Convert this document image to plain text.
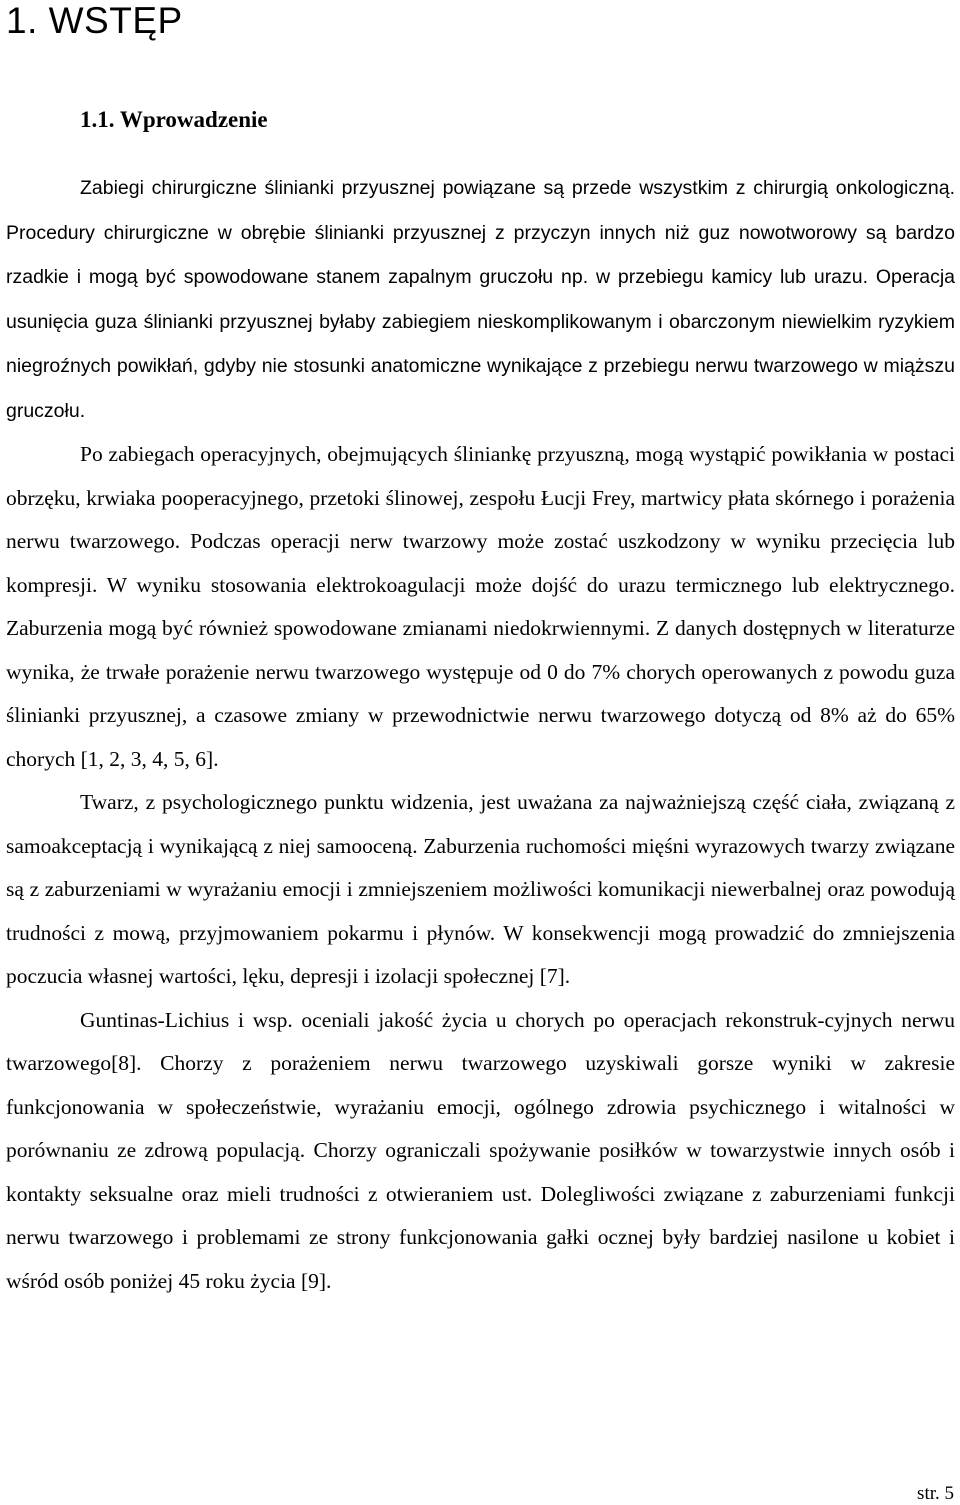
1. WSTĘP
1.1. Wprowadzenie

Zabiegi chirurgiczne ślinianki przyusznej powiązane są przede wszystkim z chirurgią onkologiczną. Procedury chirurgiczne w obrębie ślinianki przyusznej z przyczyn innych niż guz nowotworowy są bardzo rzadkie i mogą być spowodowane stanem zapalnym gruczołu np. w przebiegu kamicy lub urazu. Operacja usunięcia guza ślinianki przyusznej byłaby zabiegiem nieskomplikowanym i obarczonym niewielkim ryzykiem niegroźnych powikłań, gdyby nie stosunki anatomiczne wynikające z przebiegu nerwu twarzowego w miąższu gruczołu.

Po zabiegach operacyjnych, obejmujących śliniankę przyuszną, mogą wystąpić powikłania w postaci obrzęku, krwiaka pooperacyjnego, przetoki ślinowej, zespołu Łucji Frey, martwicy płata skórnego i porażenia nerwu twarzowego. Podczas operacji nerw twarzowy może zostać uszkodzony w wyniku przecięcia lub kompresji. W wyniku stosowania elektrokoagulacji może dojść do urazu termicznego lub elektrycznego. Zaburzenia mogą być również spowodowane zmianami niedokrwiennymi. Z danych dostępnych w literaturze wynika, że trwałe porażenie nerwu twarzowego występuje od 0 do 7% chorych operowanych z powodu guza ślinianki przyusznej, a czasowe zmiany w przewodnictwie nerwu twarzowego dotyczą od 8% aż do 65% chorych [1, 2, 3, 4, 5, 6].

Twarz, z psychologicznego punktu widzenia, jest uważana za najważniejszą część ciała, związaną z samoakceptacją i wynikającą z niej samooceną. Zaburzenia ruchomości mięśni wyrazowych twarzy związane są z zaburzeniami w wyrażaniu emocji i zmniejszeniem możliwości komunikacji niewerbalnej oraz powodują trudności z mową, przyjmowaniem pokarmu i płynów. W konsekwencji mogą prowadzić do zmniejszenia poczucia własnej wartości, lęku, depresji i izolacji społecznej [7].

Guntinas-Lichius i wsp. oceniali jakość życia u chorych po operacjach rekonstruk-cyjnych nerwu twarzowego[8]. Chorzy z porażeniem nerwu twarzowego uzyskiwali gorsze wyniki w zakresie funkcjonowania w społeczeństwie, wyrażaniu emocji, ogólnego zdrowia psychicznego i witalności w porównaniu ze zdrową populacją. Chorzy ograniczali spożywanie posiłków w towarzystwie innych osób i kontakty seksualne oraz mieli trudności z otwieraniem ust. Dolegliwości związane z zaburzeniami funkcji nerwu twarzowego i problemami ze strony funkcjonowania gałki ocznej były bardziej nasilone u kobiet i wśród osób poniżej 45 roku życia [9].

str. 5
